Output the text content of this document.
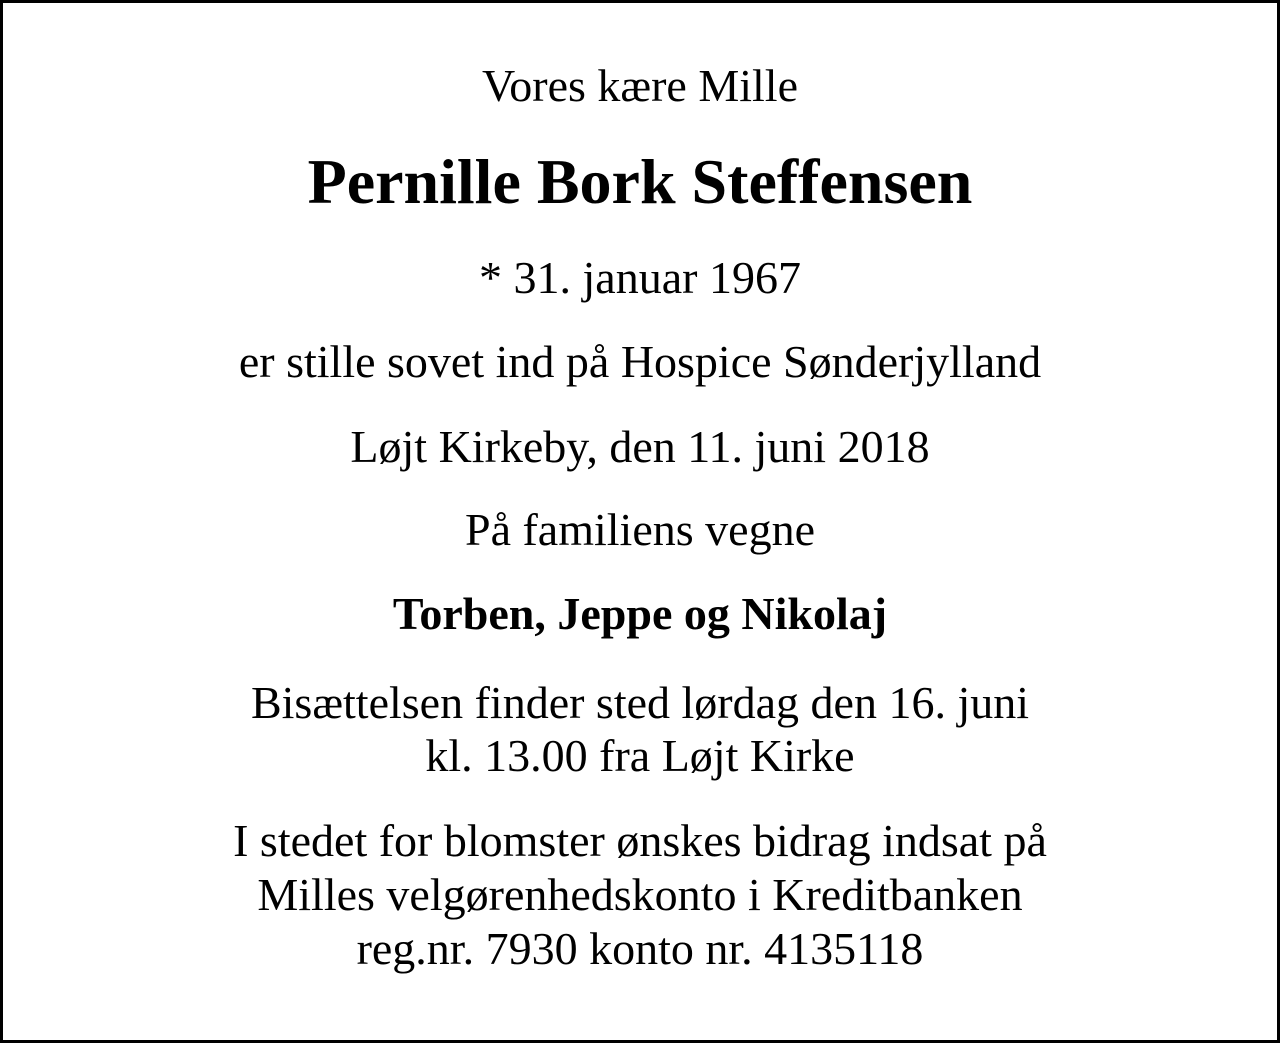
Vores kære Mille
Pernille Bork Steffensen
* 31. januar 1967
er stille sovet ind på Hospice Sønderjylland
Løjt Kirkeby, den 11. juni 2018
På familiens vegne
Torben, Jeppe og Nikolaj
Bisættelsen finder sted lørdag den 16. juni
kl. 13.00 fra Løjt Kirke
I stedet for blomster ønskes bidrag indsat på
Milles velgørenhedskonto i Kreditbanken
reg.nr. 7930 konto nr. 4135118
